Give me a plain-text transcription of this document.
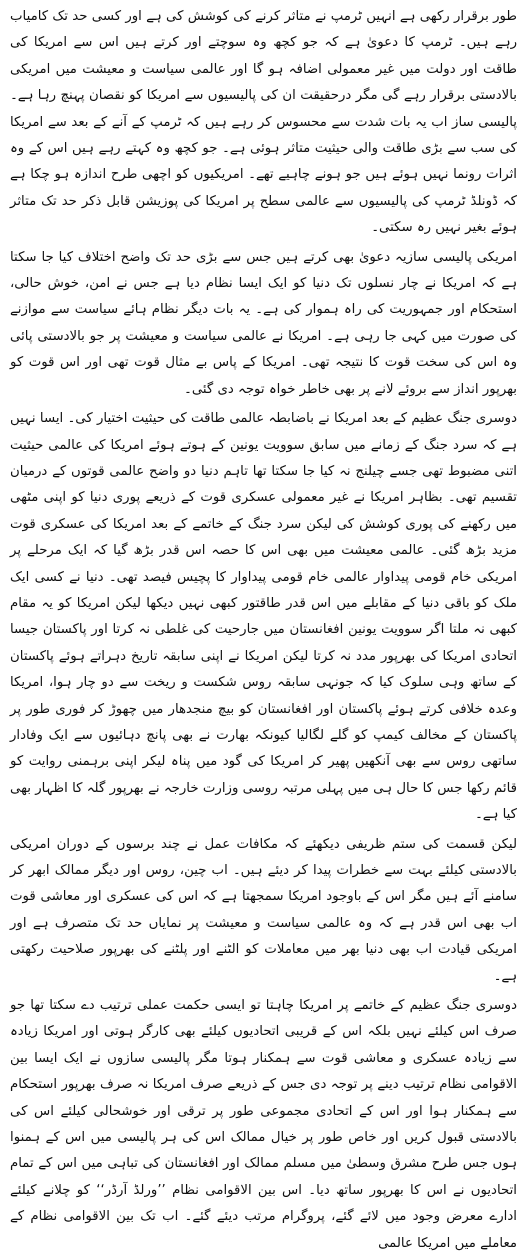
طور برقرار رکھی ہے انہیں ٹرمپ نے متاثر کرنے کی کوشش کی ہے اور کسی حد تک کامیاب رہے ہیں۔ ٹرمپ کا دعویٰ ہے کہ جو کچھ وہ سوچتے اور کرتے ہیں اس سے امریکا کی طاقت اور دولت میں غیر معمولی اضافہ ہو گا اور عالمی سیاست و معیشت میں امریکی بالادستی برقرار رہے گی مگر درحقیقت ان کی پالیسیوں سے امریکا کو نقصان پہنچ رہا ہے۔ پالیسی ساز اب یہ بات شدت سے محسوس کر رہے ہیں کہ ٹرمپ کے آنے کے بعد سے امریکا کی سب سے بڑی طاقت والی حیثیت متاثر ہوئی ہے۔ جو کچھ وہ کہتے رہے ہیں اس کے وہ اثرات رونما نہیں ہوئے ہیں جو ہونے چاہیے تھے۔ امریکیوں کو اچھی طرح اندازہ ہو چکا ہے کہ ڈونلڈ ٹرمپ کی پالیسیوں سے عالمی سطح پر امریکا کی پوزیشن قابل ذکر حد تک متاثر ہوئے بغیر نہیں رہ سکتی۔

امریکی پالیسی سازیہ دعویٰ بھی کرتے ہیں جس سے بڑی حد تک واضح اختلاف کیا جا سکتا ہے کہ امریکا نے چار نسلوں تک دنیا کو ایک ایسا نظام دیا ہے جس نے امن، خوش حالی، استحکام اور جمہوریت کی راہ ہموار کی ہے۔ یہ بات دیگر نظام ہائے سیاست سے موازنے کی صورت میں کہی جا رہی ہے۔ امریکا نے عالمی سیاست و معیشت پر جو بالادستی پائی وہ اس کی سخت قوت کا نتیجہ تھی۔ امریکا کے پاس بے مثال قوت تھی اور اس قوت کو بھرپور انداز سے بروئے لانے پر بھی خاطر خواہ توجہ دی گئی۔

دوسری جنگ عظیم کے بعد امریکا نے باضابطہ عالمی طاقت کی حیثیت اختیار کی۔ ایسا نہیں ہے کہ سرد جنگ کے زمانے میں سابق سوویت یونین کے ہوتے ہوئے امریکا کی عالمی حیثیت اتنی مضبوط تھی جسے چیلنج نہ کیا جا سکتا تھا تاہم دنیا دو واضح عالمی قوتوں کے درمیان تقسیم تھی۔ بظاہر امریکا نے غیر معمولی عسکری قوت کے ذریعے پوری دنیا کو اپنی مٹھی میں رکھنے کی پوری کوشش کی لیکن سرد جنگ کے خاتمے کے بعد امریکا کی عسکری قوت مزید بڑھ گئی۔ عالمی معیشت میں بھی اس کا حصہ اس قدر بڑھ گیا کہ ایک مرحلے پر امریکی خام قومی پیداوار عالمی خام قومی پیداوار کا پچیس فیصد تھی۔ دنیا نے کسی ایک ملک کو باقی دنیا کے مقابلے میں اس قدر طاقتور کبھی نہیں دیکھا لیکن امریکا کو یہ مقام کبھی نہ ملتا اگر سوویت یونین افغانستان میں جارحیت کی غلطی نہ کرتا اور پاکستان جیسا اتحادی امریکا کی بھرپور مدد نہ کرتا لیکن امریکا نے اپنی سابقہ تاریخ دہراتے ہوئے پاکستان کے ساتھ وہی سلوک کیا کہ جونہی سابقہ روس شکست و ریخت سے دو چار ہوا، امریکا وعدہ خلافی کرتے ہوئے پاکستان اور افغانستان کو بیچ منجدھار میں چھوڑ کر فوری طور پر پاکستان کے مخالف کیمپ کو گلے لگالیا کیونکہ بھارت نے بھی پانچ دہائیوں سے ایک وفادار ساتھی روس سے بھی آنکھیں پھیر کر امریکا کی گود میں پناہ لیکر اپنی برہمنی روایت کو قائم رکھا جس کا حال ہی میں پہلی مرتبہ روسی وزارت خارجہ نے بھرپور گلہ کا اظہار بھی کیا ہے۔

لیکن قسمت کی ستم ظریفی دیکھئے کہ مکافات عمل نے چند برسوں کے دوران امریکی بالادستی کیلئے بہت سے خطرات پیدا کر دیئے ہیں۔ اب چین، روس اور دیگر ممالک ابھر کر سامنے آئے ہیں مگر اس کے باوجود امریکا سمجھتا ہے کہ اس کی عسکری اور معاشی قوت اب بھی اس قدر ہے کہ وہ عالمی سیاست و معیشت پر نمایاں حد تک متصرف ہے اور امریکی قیادت اب بھی دنیا بھر میں معاملات کو الٹنے اور پلٹنے کی بھرپور صلاحیت رکھتی ہے۔

دوسری جنگ عظیم کے خاتمے پر امریکا چاہتا تو ایسی حکمت عملی ترتیب دے سکتا تھا جو صرف اس کیلئے نہیں بلکہ اس کے قریبی اتحادیوں کیلئے بھی کارگر ہوتی اور امریکا زیادہ سے زیادہ عسکری و معاشی قوت سے ہمکنار ہوتا مگر پالیسی سازوں نے ایک ایسا بین الاقوامی نظام ترتیب دینے پر توجہ دی جس کے ذریعے صرف امریکا نہ صرف بھرپور استحکام سے ہمکنار ہوا اور اس کے اتحادی مجموعی طور پر ترقی اور خوشحالی کیلئے اس کی بالادستی قبول کریں اور خاص طور پر خیال ممالک اس کی ہر پالیسی میں اس کے ہمنوا ہوں جس طرح مشرق وسطیٰ میں مسلم ممالک اور افغانستان کی تباہی میں اس کے تمام اتحادیوں نے اس کا بھرپور ساتھ دیا۔ اس بین الاقوامی نظام ’’ورلڈ آرڈر‘‘ کو چلانے کیلئے ادارے معرض وجود میں لائے گئے، پروگرام مرتب دیئے گئے۔ اب تک بین الاقوامی نظام کے معاملے میں امریکا عالمی
